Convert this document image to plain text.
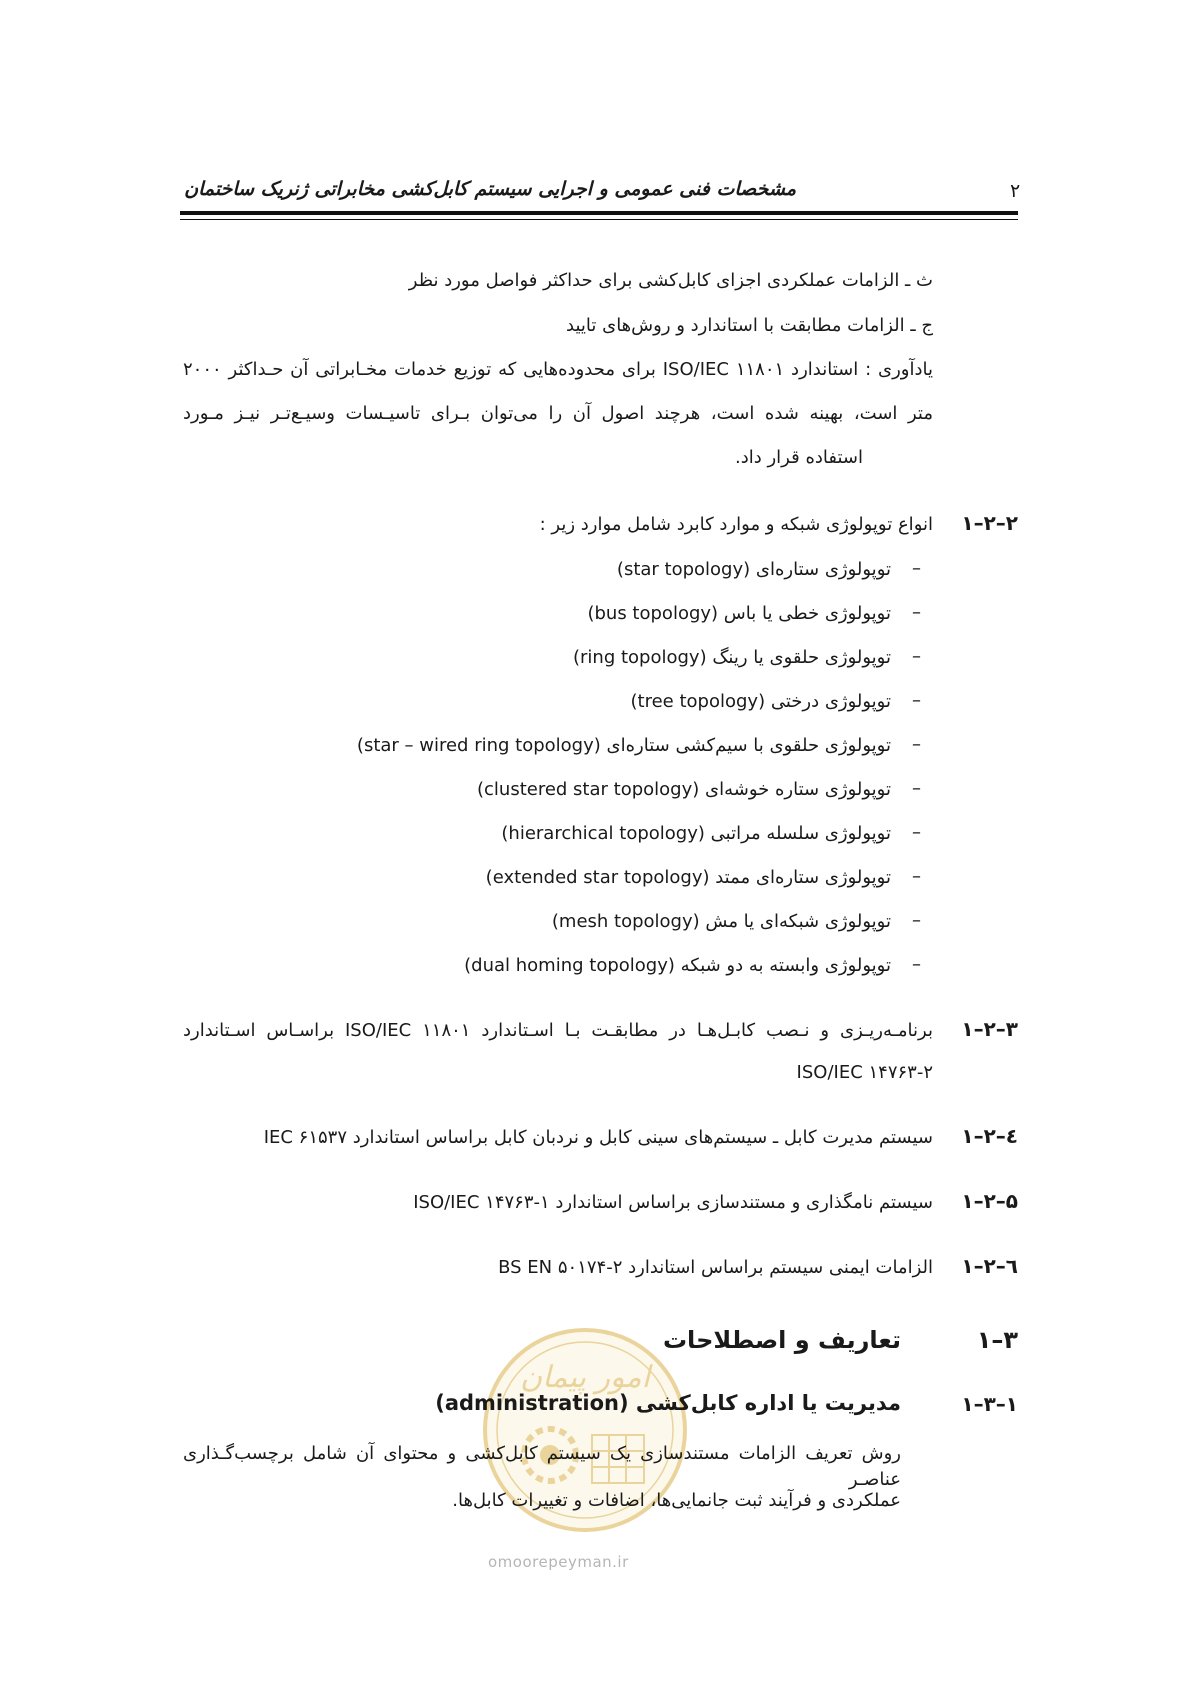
مشخصات فنی عمومی و اجرایی سیستم کابل‌کشی مخابراتی ژنریک ساختمان	۲
ث ـ الزامات عملکردی اجزای کابل‌کشی برای حداکثر فواصل مورد نظر
ج ـ الزامات مطابقت با استاندارد و روش‌های تایید
یادآوری : استاندارد ۱۱۸۰۱ ISO/IEC برای محدوده‌هایی که توزیع خدمات مخـابراتی آن حـداکثر ۲۰۰۰
متر است، بهینه شده است، هرچند اصول آن را می‌توان بـرای تاسیـسات وسیـع‌تـر نیـز مـورد
استفاده قرار داد.
۱–۲–۲
انواع توپولوژی شبکه و موارد کابرد شامل موارد زیر :
–
توپولوژی ستاره‌ای (star topology)
–
توپولوژی خطی یا باس (bus topology)
–
توپولوژی حلقوی یا رینگ (ring topology)
–
توپولوژی درختی (tree topology)
–
توپولوژی حلقوی با سیم‌کشی ستاره‌ای (star – wired ring topology)
–
توپولوژی ستاره خوشه‌ای (clustered star topology)
–
توپولوژی سلسله مراتبی (hierarchical topology)
–
توپولوژی ستاره‌ای ممتد (extended star topology)
–
توپولوژی شبکه‌ای یا مش (mesh topology)
–
توپولوژی وابسته به دو شبکه (dual homing topology)
۱–۲–۳
برنامـه‌ریـزی و نـصب کابـل‌هـا در مطابقـت بـا اسـتاندارد ۱۱۸۰۱ ISO/IEC براسـاس اسـتاندارد
ISO/IEC ۱۴۷۶۳-۲
۱–۲–٤
سیستم مدیرت کابل ـ سیستم‌های سینی کابل و نردبان کابل براساس استاندارد IEC ۶۱۵۳۷
۱–۲–۵
سیستم نامگذاری و مستندسازی براساس استاندارد ۱-۱۴۷۶۳ ISO/IEC
۱–۲–٦
الزامات ایمنی سیستم براساس استاندارد ۲-۵۰۱۷۴ BS EN
۱–۳
تعاریف و اصطلاحات
امور پیمان
omoorepeyman.ir
۱–۳–۱
مدیریت یا اداره کابل‌کشی (administration)
روش تعریف الزامات مستندسازی یک سیستم کابل‌کشی و محتوای آن شامل برچسب‌گـذاری عناصـر
عملکردی و فرآیند ثبت جانمایی‌ها، اضافات و تغییرات کابل‌ها.
